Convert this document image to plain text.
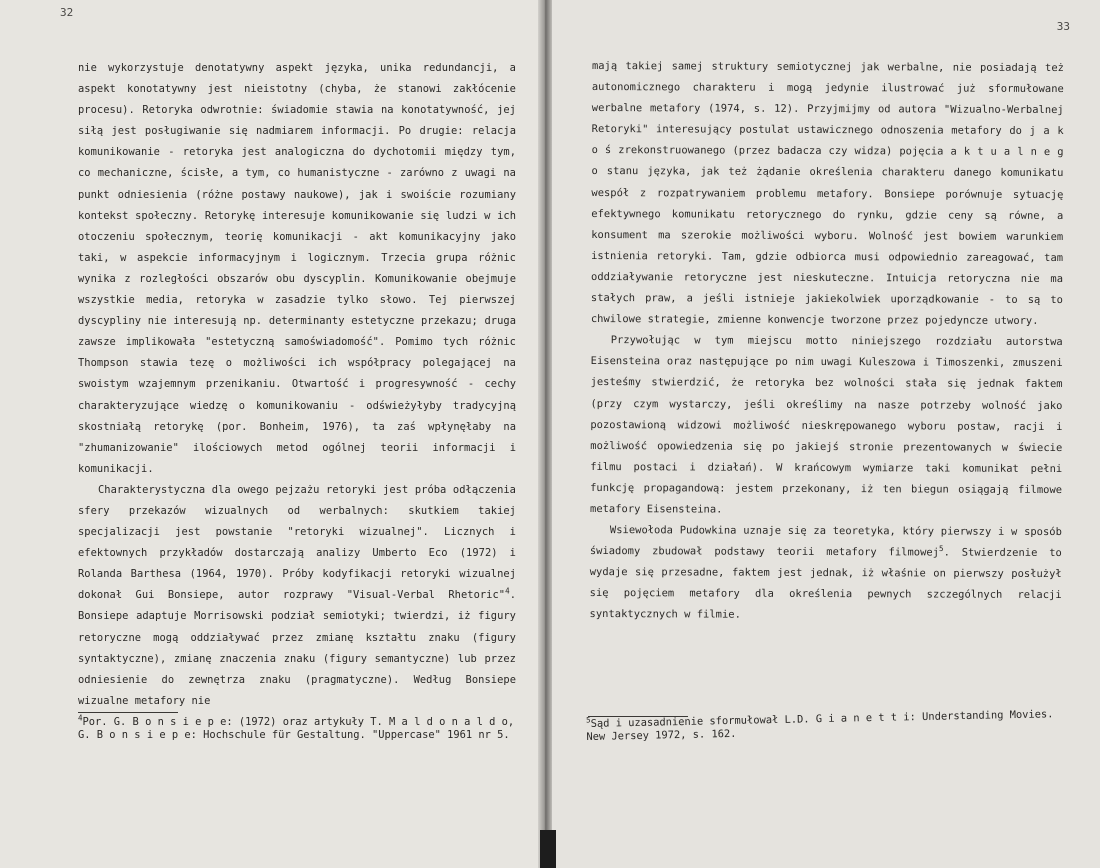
32

nie wykorzystuje denotatywny aspekt języka, unika redundancji, a aspekt konotatywny jest nieistotny (chyba, że stanowi zakłócenie procesu). Retoryka odwrotnie: świadomie stawia na konotatywność, jej siłą jest posługiwanie się nadmiarem informacji. Po drugie: relacja komunikowanie - retoryka jest analogiczna do dychotomii między tym, co mechaniczne, ścisłe, a tym, co humanistyczne - zarówno z uwagi na punkt odniesienia (różne postawy naukowe), jak i swoiście rozumiany kontekst społeczny. Retorykę interesuje komunikowanie się ludzi w ich otoczeniu społecznym, teorię komunikacji - akt komunikacyjny jako taki, w aspekcie informacyjnym i logicznym. Trzecia grupa różnic wynika z rozległości obszarów obu dyscyplin. Komunikowanie obejmuje wszystkie media, retoryka w zasadzie tylko słowo. Tej pierwszej dyscypliny nie interesują np. determinanty estetyczne przekazu; druga zawsze implikowała "estetyczną samoświadomość". Pomimo tych różnic Thompson stawia tezę o możliwości ich współpracy polegającej na swoistym wzajemnym przenikaniu. Otwartość i progresywność - cechy charakteryzujące wiedzę o komunikowaniu - odświeżyłyby tradycyjną skostniałą retorykę (por. Bonheim, 1976), ta zaś wpłynęłaby na "zhumanizowanie" ilościowych metod ogólnej teorii informacji i komunikacji.

Charakterystyczna dla owego pejzażu retoryki jest próba odłączenia sfery przekazów wizualnych od werbalnych: skutkiem takiej specjalizacji jest powstanie "retoryki wizualnej". Licznych i efektownych przykładów dostarczają analizy Umberto Eco (1972) i Rolanda Barthesa (1964, 1970). Próby kodyfikacji retoryki wizualnej dokonał Gui Bonsiepe, autor rozprawy "Visual-Verbal Rhetoric"$^4$. Bonsiepe adaptuje Morrisowski podział semiotyki; twierdzi, iż figury retoryczne mogą oddziaływać przez zmianę kształtu znaku (figury syntaktyczne), zmianę znaczenia znaku (figury semantyczne) lub przez odniesienie do zewnętrza znaku (pragmatyczne). Według Bonsiepe wizualne metafory nie

$^4$Por. G. B o n s i e p e: (1972) oraz artykuły T. M a l d o n a l d o, G. B o n s i e p e: Hochschule für Gestaltung. "Uppercase" 1961 nr 5.
33

mają takiej samej struktury semiotycznej jak werbalne, nie posiadają też autonomicznego charakteru i mogą jedynie ilustrować już sformułowane werbalne metafory (1974, s. 12). Przyjmijmy od autora "Wizualno-Werbalnej Retoryki" interesujący postulat ustawicznego odnoszenia metafory do j a k o ś zrekonstruowanego (przez badacza czy widza) pojęcia a k t u a l n e g o stanu języka, jak też żądanie określenia charakteru danego komunikatu wespół z rozpatrywaniem problemu metafory. Bonsiepe porównuje sytuację efektywnego komunikatu retorycznego do rynku, gdzie ceny są równe, a konsument ma szerokie możliwości wyboru. Wolność jest bowiem warunkiem istnienia retoryki. Tam, gdzie odbiorca musi odpowiednio zareagować, tam oddziaływanie retoryczne jest nieskuteczne. Intuicja retoryczna nie ma stałych praw, a jeśli istnieje jakiekolwiek uporządkowanie - to są to chwilowe strategie, zmienne konwencje tworzone przez pojedyncze utwory.

Przywołując w tym miejscu motto niniejszego rozdziału autorstwa Eisensteina oraz następujące po nim uwagi Kuleszowa i Timoszenki, zmuszeni jesteśmy stwierdzić, że retoryka bez wolności stała się jednak faktem (przy czym wystarczy, jeśli określimy na nasze potrzeby wolność jako pozostawioną widzowi możliwość nieskrępowanego wyboru postaw, racji i możliwość opowiedzenia się po jakiejś stronie prezentowanych w świecie filmu postaci i działań). W krańcowym wymiarze taki komunikat pełni funkcję propagandową: jestem przekonany, iż ten biegun osiągają filmowe metafory Eisensteina.

Wsiewołoda Pudowkina uznaje się za teoretyka, który pierwszy i w sposób świadomy zbudował podstawy teorii metafory filmowej$^5$. Stwierdzenie to wydaje się przesadne, faktem jest jednak, iż właśnie on pierwszy posłużył się pojęciem metafory dla określenia pewnych szczególnych relacji syntaktycznych w filmie.

$^5$Sąd i uzasadnienie sformułował L.D. G i a n e t t i: Understanding Movies. New Jersey 1972, s. 162.
